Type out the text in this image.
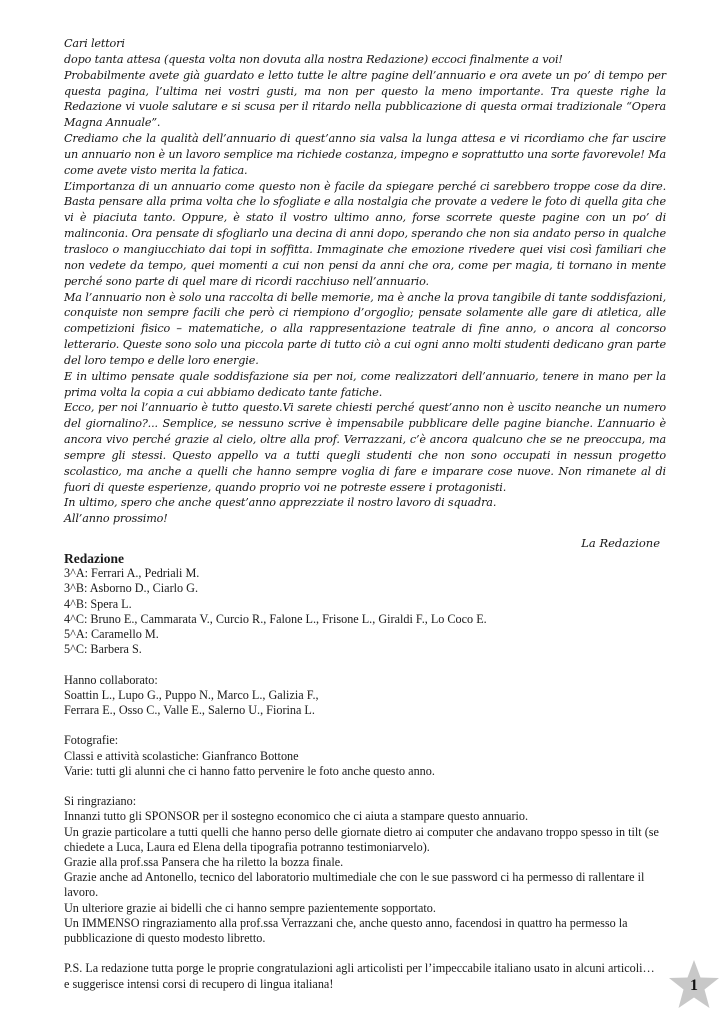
Cari lettori

dopo tanta attesa (questa volta non dovuta alla nostra Redazione) eccoci finalmente a voi!

Probabilmente avete già guardato e letto tutte le altre pagine dell’annuario e ora avete un po’ di tempo per questa pagina, l’ultima nei vostri gusti, ma non per questo la meno importante. Tra queste righe la Redazione vi vuole salutare e si scusa per il ritardo nella pubblicazione di questa ormai tradizionale “Opera Magna Annuale”.

Crediamo che la qualità dell’annuario di quest’anno sia valsa la lunga attesa e vi ricordiamo che far uscire un annuario non è un lavoro semplice ma richiede costanza, impegno e soprattutto una sorte favorevole! Ma come avete visto merita la fatica.

L’importanza di un annuario come questo non è facile da spiegare perché ci sarebbero troppe cose da dire. Basta pensare alla prima volta che lo sfogliate e alla nostalgia che provate a vedere le foto di quella gita che vi è piaciuta tanto. Oppure, è stato il vostro ultimo anno, forse scorrete queste pagine con un po’ di malinconia. Ora pensate di sfogliarlo una decina di anni dopo, sperando che non sia andato perso in qualche trasloco o mangiucchiato dai topi in soffitta. Immaginate che emozione rivedere quei visi così familiari che non vedete da tempo, quei momenti a cui non pensi da anni che ora, come per magia, ti tornano in mente perché sono parte di quel mare di ricordi racchiuso nell’annuario.

Ma l’annuario non è solo una raccolta di belle memorie, ma è anche la prova tangibile di tante soddisfazioni, conquiste non sempre facili che però ci riempiono d’orgoglio; pensate solamente alle gare di atletica, alle competizioni fisico – matematiche, o alla rappresentazione teatrale di fine anno, o ancora al concorso letterario. Queste sono solo una piccola parte di tutto ciò a cui ogni anno molti studenti dedicano gran parte del loro tempo e delle loro energie.

E in ultimo pensate quale soddisfazione sia per noi, come realizzatori dell’annuario, tenere in mano per la prima volta la copia a cui abbiamo dedicato tante fatiche.

Ecco, per noi l’annuario è tutto questo.Vi sarete chiesti perché quest’anno non è uscito neanche un numero del giornalino?... Semplice, se nessuno scrive è impensabile pubblicare delle pagine bianche. L’annuario è ancora vivo perché grazie al cielo, oltre alla prof. Verrazzani, c’è ancora qualcuno che se ne preoccupa, ma sempre gli stessi. Questo appello va a tutti quegli studenti che non sono occupati in nessun progetto scolastico, ma anche a quelli che hanno sempre voglia di fare e imparare cose nuove. Non rimanete al di fuori di queste esperienze, quando proprio voi ne potreste essere i protagonisti.

In ultimo, spero che anche quest’anno apprezziate il nostro lavoro di squadra.

All’anno prossimo!

La Redazione
Redazione
3^A: Ferrari A., Pedriali M.
3^B: Asborno D., Ciarlo G.
4^B: Spera L.
4^C: Bruno E., Cammarata V., Curcio R., Falone L., Frisone L., Giraldi F., Lo Coco E.
5^A: Caramello M.
5^C: Barbera S.
Hanno collaborato:
Soattin L., Lupo G., Puppo N., Marco L., Galizia F.,
Ferrara E., Osso C., Valle E., Salerno U., Fiorina L.
Fotografie:
Classi e attività scolastiche: Gianfranco Bottone
Varie: tutti gli alunni che ci hanno fatto pervenire le foto anche questo anno.
Si ringraziano:
Innanzi tutto gli SPONSOR per il sostegno economico che ci aiuta a stampare questo annuario.
Un grazie particolare a tutti quelli che hanno perso delle giornate dietro ai computer che andavano troppo spesso in tilt (se chiedete a Luca, Laura ed Elena della tipografia potranno testimoniarvelo).
Grazie alla prof.ssa Pansera che ha riletto la bozza finale.
Grazie anche ad Antonello, tecnico del laboratorio multimediale che con le sue password ci ha permesso di rallentare il lavoro.
Un ulteriore grazie ai bidelli che ci hanno sempre pazientemente sopportato.
Un IMMENSO ringraziamento alla prof.ssa Verrazzani che, anche questo anno, facendosi in quattro ha permesso la pubblicazione di questo modesto libretto.
P.S. La redazione tutta porge le proprie congratulazioni agli articolisti per l’impeccabile italiano usato in alcuni articoli…
e suggerisce intensi corsi di recupero di lingua italiana!	1
